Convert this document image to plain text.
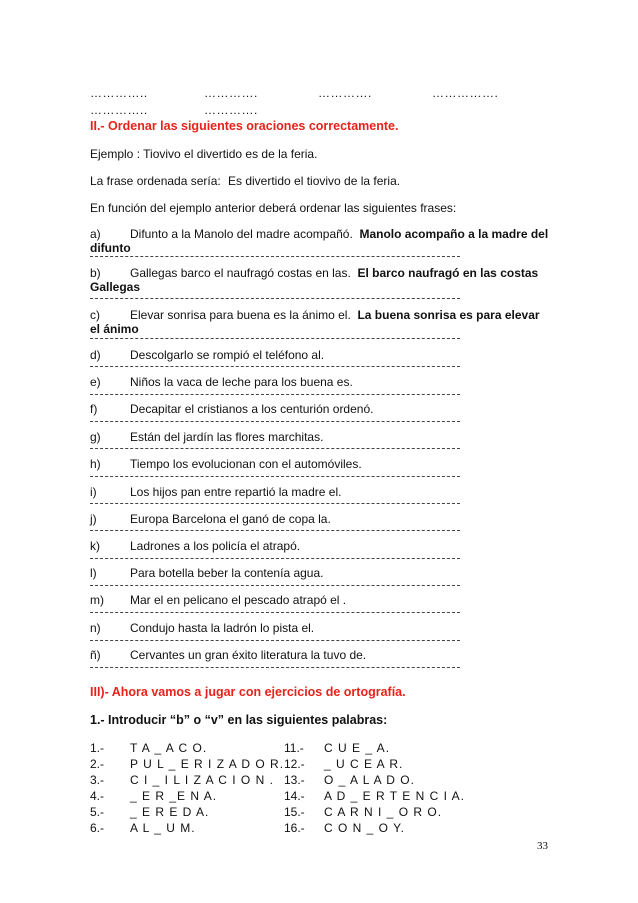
…………..	………….	………….	…………….
…………..	………….
II.- Ordenar las siguientes oraciones correctamente.
Ejemplo : Tiovivo el divertido es de la feria.
La frase ordenada sería: Es divertido el tiovivo de la feria.
En función del ejemplo anterior deberá ordenar las siguientes frases:
a) Difunto a la Manolo del madre acompañó. Manolo acompaño a la madre del
difunto
b) Gallegas barco el naufragó costas en las. El barco naufragó en las costas
Gallegas
c)	Elevar sonrisa para buena es la ánimo el. La buena sonrisa es para elevar
el ánimo
d) Descolgarlo se rompió el teléfono al.
e) Niños la vaca de leche para los buena es.
f)	Decapitar el cristianos a los centurión ordenó.
g) Están del jardín las flores marchitas.
h) Tiempo los evolucionan con el automóviles.
i)	Los hijos pan entre repartió la madre el.
j)	Europa Barcelona el ganó de copa la.
k)	Ladrones a los policía el atrapó.
l)	Para botella beber la contenía agua.
m) Mar el en pelicano el pescado atrapó el .
n) Condujo hasta la ladrón lo pista el.
ñ) Cervantes un gran éxito literatura la tuvo de.
III)- Ahora vamos a jugar con ejercicios de ortografía.
1.- Introducir “b” o “v” en las siguientes palabras:
1.- T A _ A C O.
2.- P U L _ E R I Z A D O R.
3.- C I _ I L I Z A C I O N .
4.- _ E R _E N A.
5.- _ E R E D A.
6.- A L _ U M.
11.- C U E _ A.
12.- _ U C E A R.
13.- O _ A L A D O.
14.- A D _ E R T E N C I A.
15.- C A R N I _ O R O.
16.- C O N _ O Y.
33
